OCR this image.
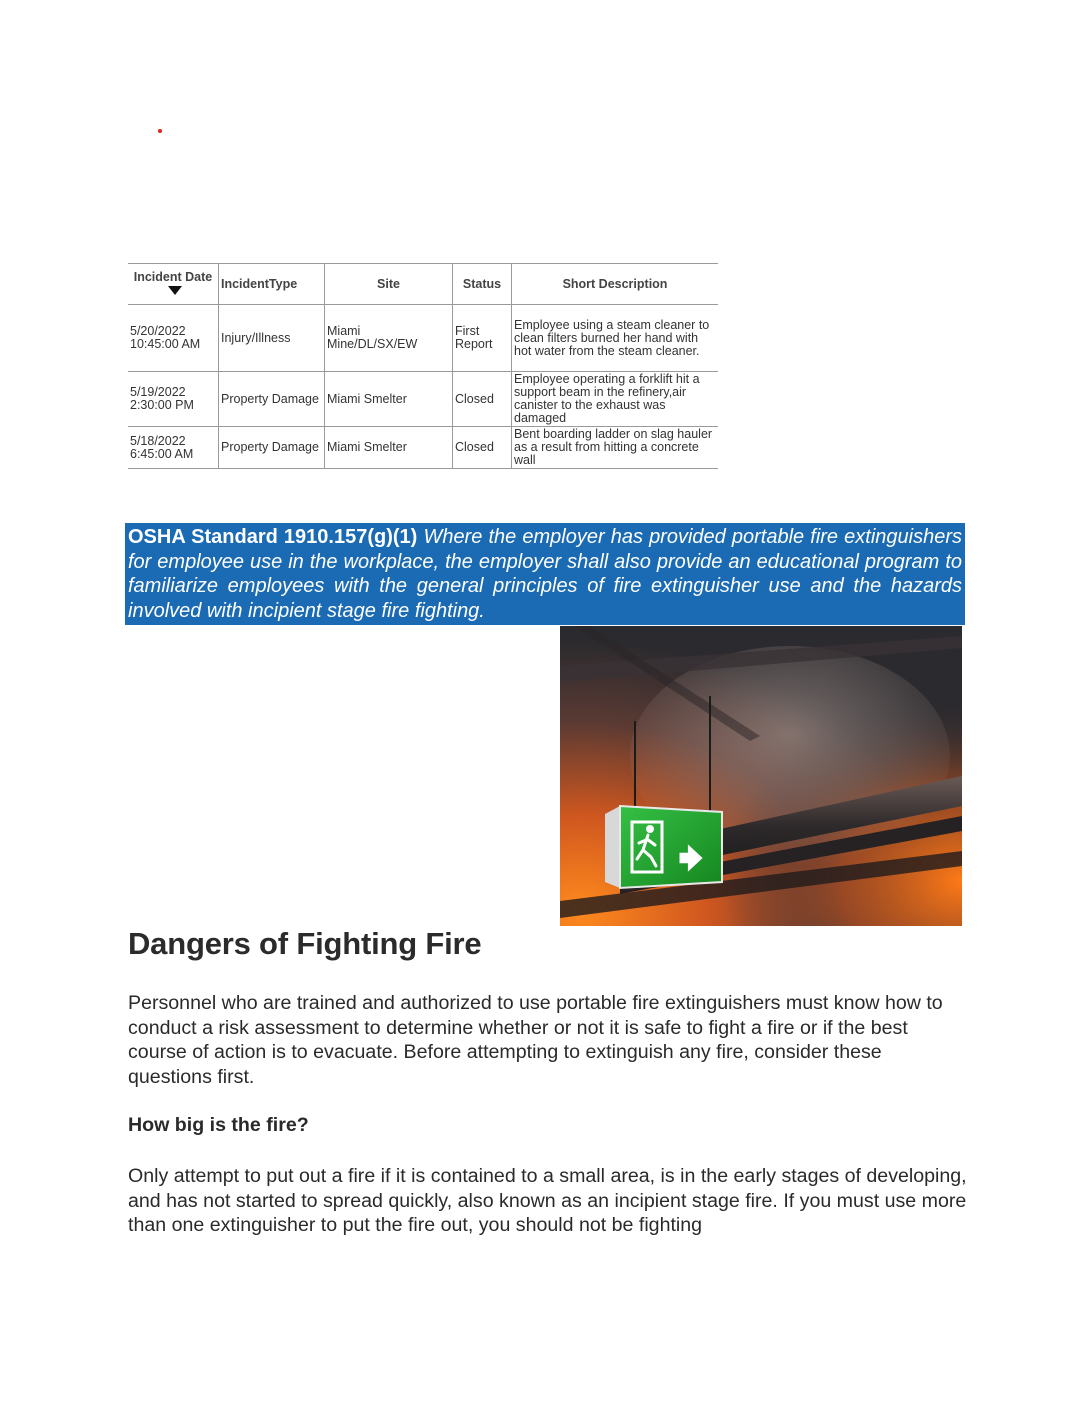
Incident Date	IncidentType	Site	Status	Short Description
5/20/2022 10:45:00 AM	Injury/Illness	Miami Mine/DL/SX/EW	First Report	Employee using a steam cleaner to clean filters burned her hand with hot water from the steam cleaner.
5/19/2022 2:30:00 PM	Property Damage	Miami Smelter	Closed	Employee operating a forklift hit a support beam in the refinery,air canister to the exhaust was damaged
5/18/2022 6:45:00 AM	Property Damage	Miami Smelter	Closed	Bent boarding ladder on slag hauler as a result from hitting a concrete wall
OSHA Standard 1910.157(g)(1) Where the employer has provided portable fire extinguishers for employee use in the workplace, the employer shall also provide an educational program to familiarize employees with the general principles of fire extinguisher use and the hazards involved with incipient stage fire fighting.
Dangers of Fighting Fire

Personnel who are trained and authorized to use portable fire extinguishers must know how to conduct a risk assessment to determine whether or not it is safe to fight a fire or if the best course of action is to evacuate. Before attempting to extinguish any fire, consider these questions first.

How big is the fire?

Only attempt to put out a fire if it is contained to a small area, is in the early stages of developing, and has not started to spread quickly, also known as an incipient stage fire. If you must use more than one extinguisher to put the fire out, you should not be fighting
